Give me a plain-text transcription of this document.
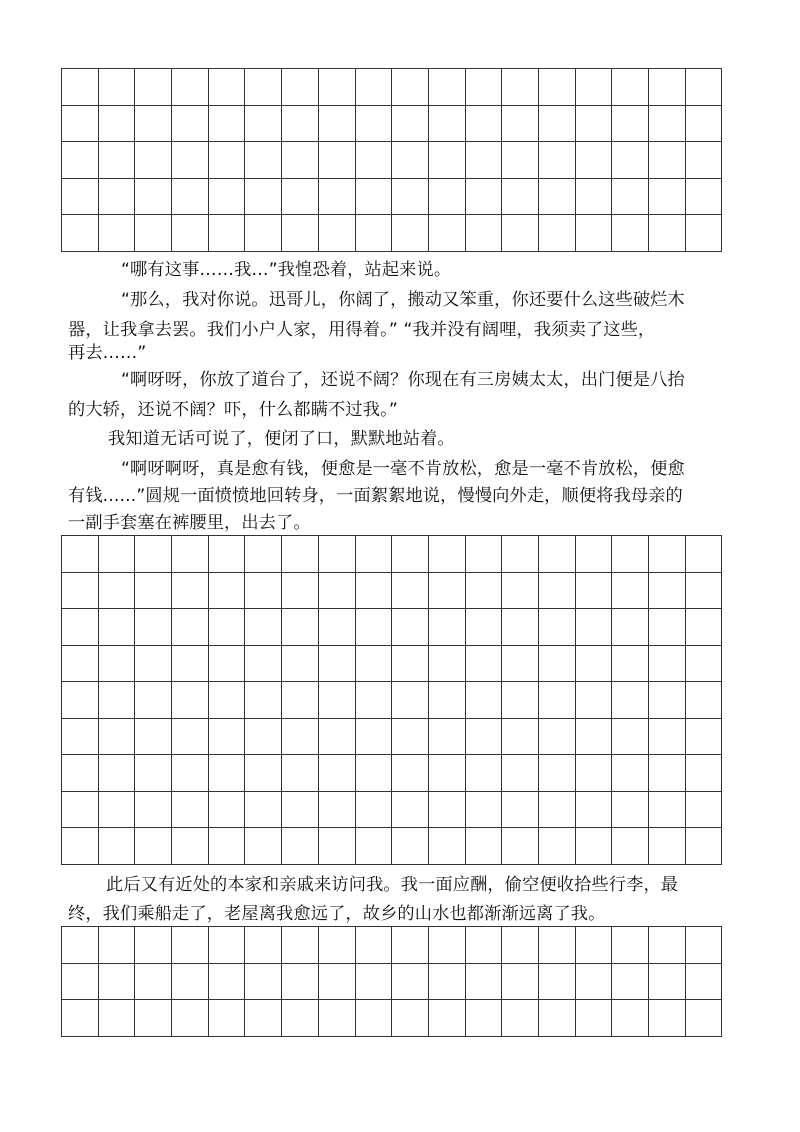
“哪有这事……我…”我惶恐着，站起来说。
“那么，我对你说。迅哥儿，你阔了，搬动又笨重，你还要什么这些破烂木
器，让我拿去罢。我们小户人家，用得着。” “我并没有阔哩，我须卖了这些，
再去……”
“啊呀呀，你放了道台了，还说不阔？你现在有三房姨太太，出门便是八抬
的大轿，还说不阔？吓，什么都瞒不过我。”
我知道无话可说了，便闭了口，默默地站着。
“啊呀啊呀，真是愈有钱，便愈是一毫不肯放松，愈是一毫不肯放松，便愈
有钱......”圆规一面愤愤地回转身，一面絮絮地说，慢慢向外走，顺便将我母亲的
一副手套塞在裤腰里，出去了。

此后又有近处的本家和亲戚来访问我。我一面应酬，偷空便收拾些行李，最
终，我们乘船走了，老屋离我愈远了，故乡的山水也都渐渐远离了我。
